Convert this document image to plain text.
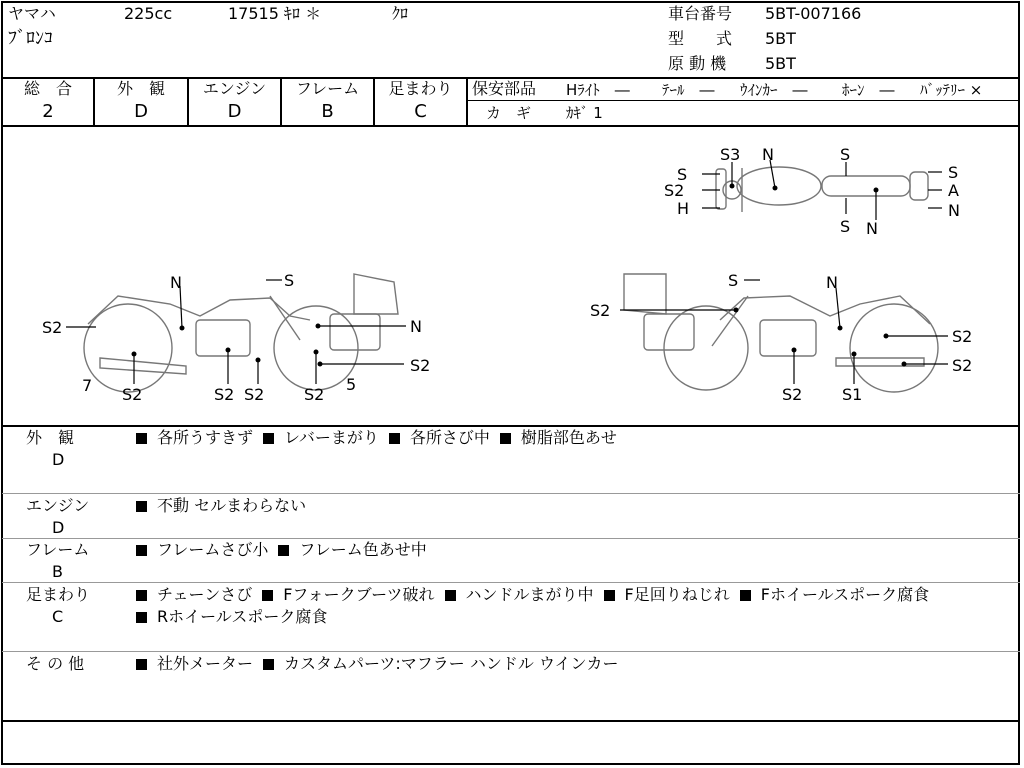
ヤマハ	225cc	17515 ｷﾛ ＊	ｸﾛ
ﾌﾞﾛﾝｺ
車台番号 5BT-007166
型　　式 5BT
原 動 機 5BT
総　合
2
外　観
D
エンジン
D
フレーム
B
足まわり
C
保安部品 Hﾗｲﾄ　― ﾃｰﾙ　― ｳｲﾝｶｰ　― ﾎｰﾝ　― ﾊﾞｯﾃﾘｰ ×
カ　ギ ｶｷﾞ 1
S3 N	S
S
S2
H
S
A
N
S N
N	S
S2	N
S2
7 S2	S2 S2
5
S2
S	N
S2
S2
S2
S2 S1
外　観
D
各所うすきず レバーまがり 各所さび中 樹脂部色あせ
エンジン
D
不動 セルまわらない
フレーム
B
フレームさび小 フレーム色あせ中
足まわり
C
チェーンさび Fフォークブーツ破れ ハンドルまがり中 F足回りねじれ Fホイールスポーク腐食
Rホイールスポーク腐食
そ の 他	社外メーター カスタムパーツ:マフラー ハンドル ウインカー
